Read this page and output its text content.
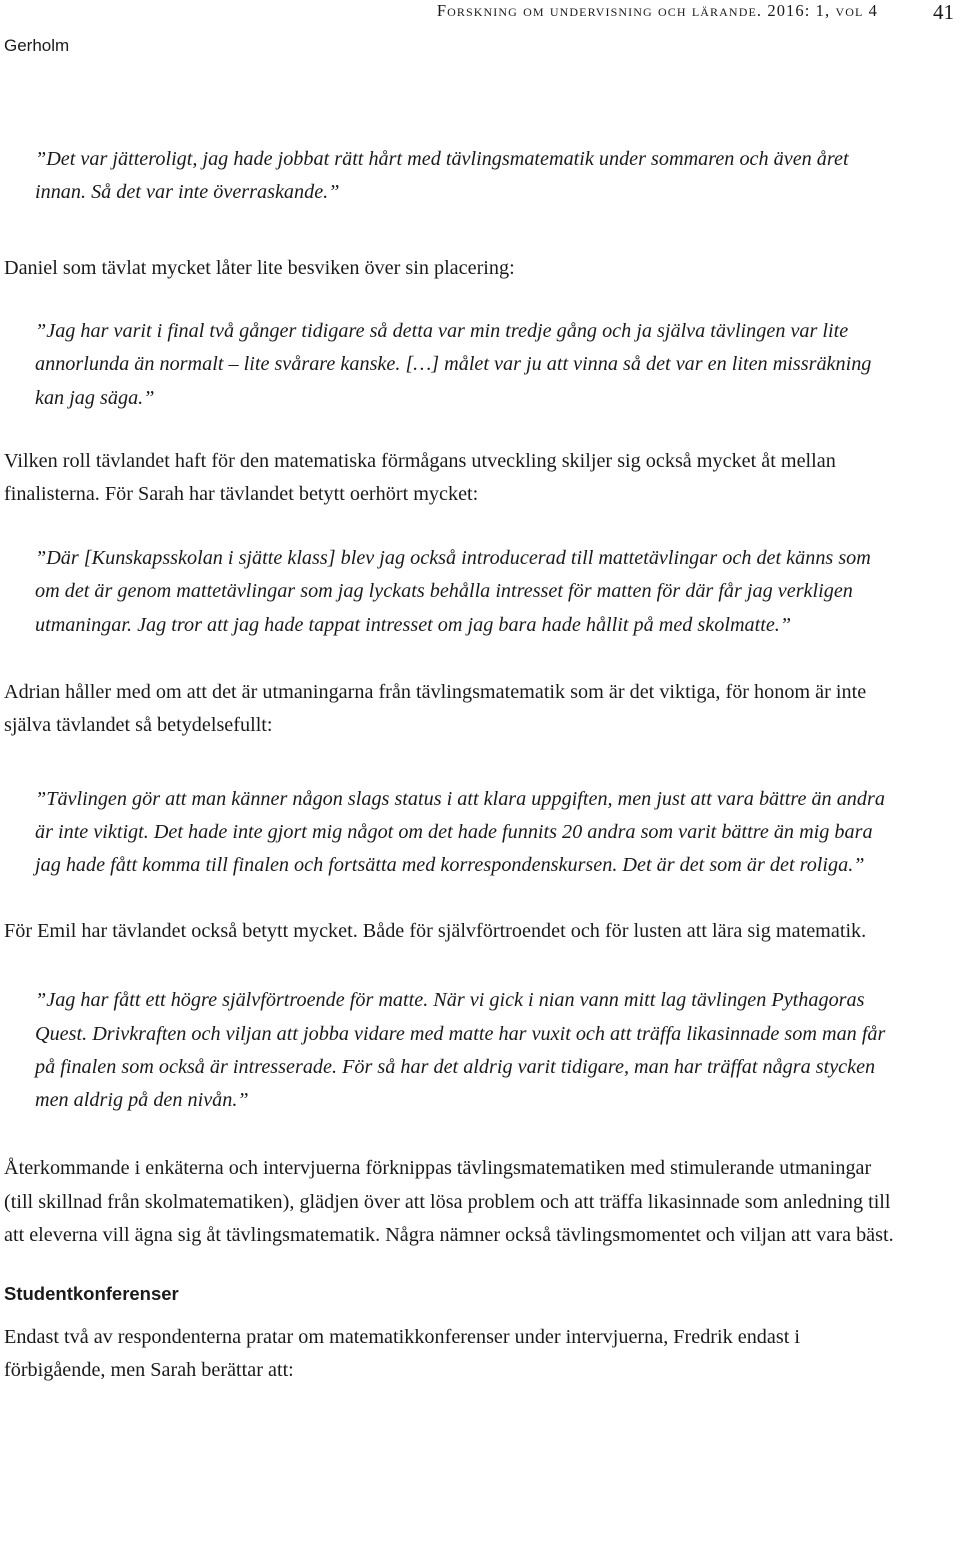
Forskning om undervisning och lärande. 2016: 1, vol 4	41
Gerholm

”Det var jätteroligt, jag hade jobbat rätt hårt med tävlingsmatematik under sommaren och även året innan. Så det var inte överraskande.”

Daniel som tävlat mycket låter lite besviken över sin placering:

”Jag har varit i final två gånger tidigare så detta var min tredje gång och ja själva tävlingen var lite annorlunda än normalt – lite svårare kanske. […] målet var ju att vinna så det var en liten missräkning kan jag säga.”

Vilken roll tävlandet haft för den matematiska förmågans utveckling skiljer sig också mycket åt mellan finalisterna. För Sarah har tävlandet betytt oerhört mycket:

”Där [Kunskapsskolan i sjätte klass] blev jag också introducerad till mattetävlingar och det känns som om det är genom mattetävlingar som jag lyckats behålla intresset för matten för där får jag verkligen utmaningar. Jag tror att jag hade tappat intresset om jag bara hade hållit på med skolmatte.”

Adrian håller med om att det är utmaningarna från tävlingsmatematik som är det viktiga, för honom är inte själva tävlandet så betydelsefullt:

”Tävlingen gör att man känner någon slags status i att klara uppgiften, men just att vara bättre än andra är inte viktigt. Det hade inte gjort mig något om det hade funnits 20 andra som varit bättre än mig bara jag hade fått komma till finalen och fortsätta med korrespondenskursen. Det är det som är det roliga.”

För Emil har tävlandet också betytt mycket. Både för självförtroendet och för lusten att lära sig matematik.

”Jag har fått ett högre självförtroende för matte. När vi gick i nian vann mitt lag tävlingen Pythagoras Quest. Drivkraften och viljan att jobba vidare med matte har vuxit och att träffa likasinnade som man får på finalen som också är intresserade. För så har det aldrig varit tidigare, man har träffat några stycken men aldrig på den nivån.”

Återkommande i enkäterna och intervjuerna förknippas tävlingsmatematiken med stimulerande utmaningar (till skillnad från skolmatematiken), glädjen över att lösa problem och att träffa likasinnade som anledning till att eleverna vill ägna sig åt tävlingsmatematik. Några nämner också tävlingsmomentet och viljan att vara bäst.

Studentkonferenser

Endast två av respondenterna pratar om matematikkonferenser under intervjuerna, Fredrik endast i förbigående, men Sarah berättar att:
